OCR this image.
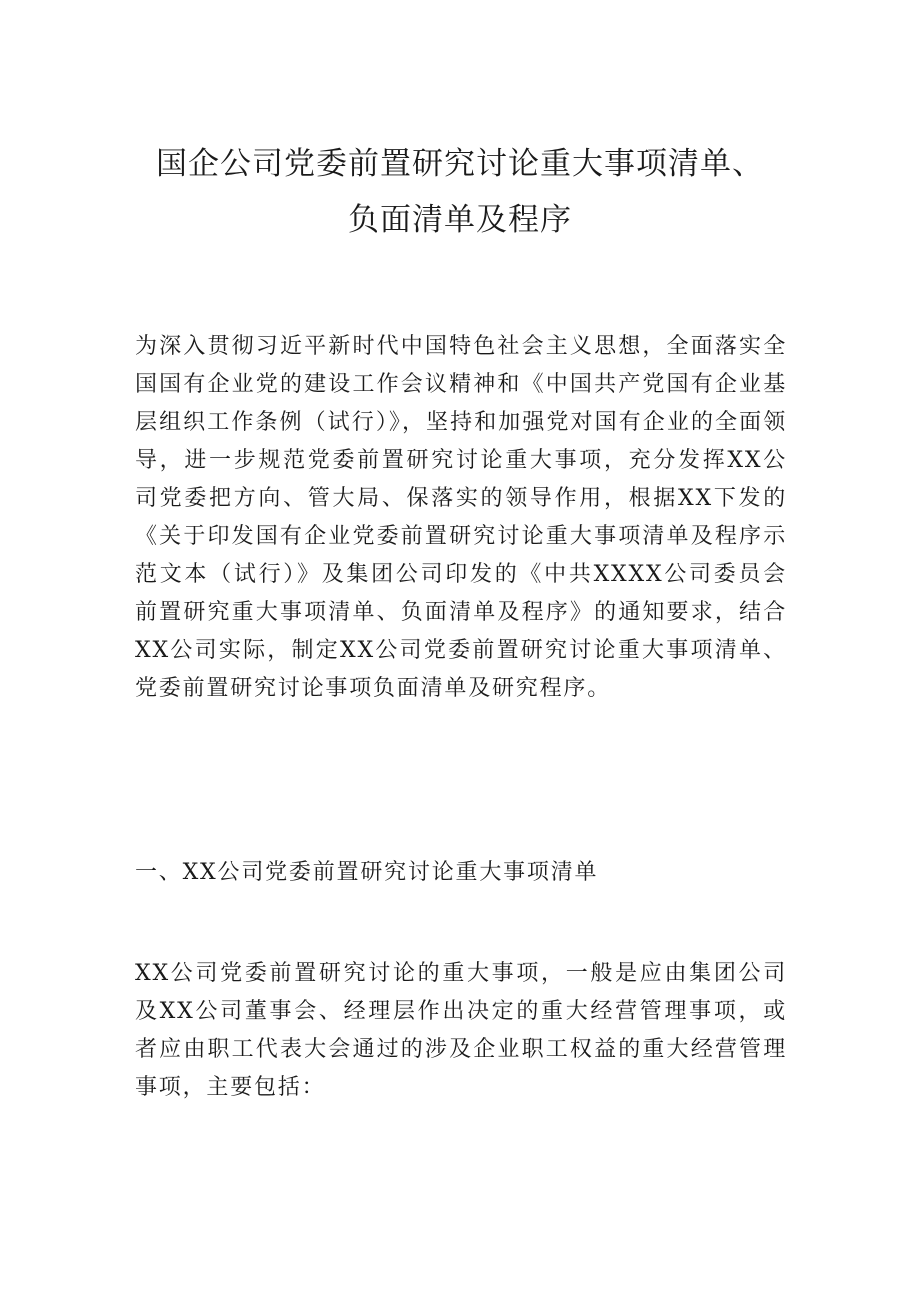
国企公司党委前置研究讨论重大事项清单、
负面清单及程序

为深入贯彻习近平新时代中国特色社会主义思想，全面落实全国国有企业党的建设工作会议精神和《中国共产党国有企业基层组织工作条例（试行）》，坚持和加强党对国有企业的全面领导，进一步规范党委前置研究讨论重大事项，充分发挥XX公司党委把方向、管大局、保落实的领导作用，根据XX下发的《关于印发国有企业党委前置研究讨论重大事项清单及程序示范文本（试行）》及集团公司印发的《中共XXXX公司委员会前置研究重大事项清单、负面清单及程序》的通知要求，结合XX公司实际，制定XX公司党委前置研究讨论重大事项清单、党委前置研究讨论事项负面清单及研究程序。

一、XX公司党委前置研究讨论重大事项清单

XX公司党委前置研究讨论的重大事项，一般是应由集团公司及XX公司董事会、经理层作出决定的重大经营管理事项，或者应由职工代表大会通过的涉及企业职工权益的重大经营管理事项，主要包括：
